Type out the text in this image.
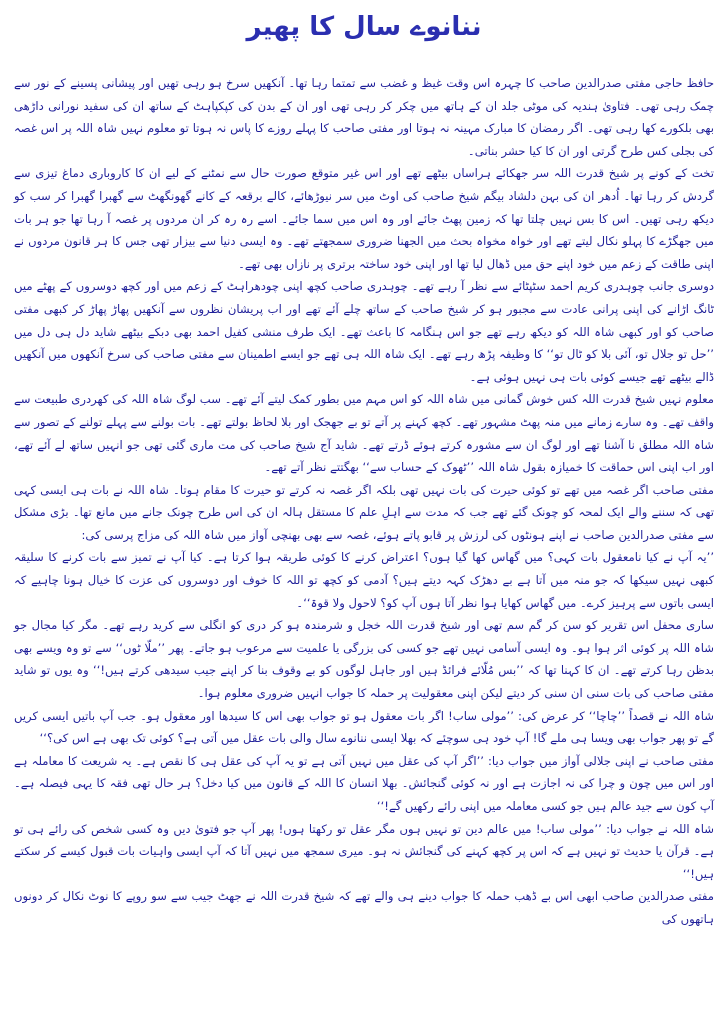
ننانوے سال کا پھیر

حافظ حاجی مفتی صدرالدین صاحب کا چہرہ اس وقت غیظ و غضب سے تمتما رہا تھا۔ آنکھیں سرخ ہو رہی تھیں اور پیشانی پسینے کے نور سے چمک رہی تھی۔ فتاویٰ ہندیہ کی موٹی جلد ان کے ہاتھ میں چکر کر رہی تھی اور ان کے بدن کی کپکپاہٹ کے ساتھ ان کی سفید نورانی داڑھی بھی بلکورے کھا رہی تھی۔ اگر رمضان کا مبارک مہینہ نہ ہوتا اور مفتی صاحب کا پہلے روزے کا پاس نہ ہوتا تو معلوم نہیں شاہ اللہ پر اس غصہ کی بجلی کس طرح گرتی اور ان کا کیا حشر بناتی۔

تخت کے کونے پر شیخ قدرت اللہ سر جھکائے ہراساں بیٹھے تھے اور اس غیر متوقع صورت حال سے نمٹنے کے لیے ان کا کاروباری دماغ تیزی سے گردش کر رہا تھا۔ اُدھر ان کی بہن دلشاد بیگم شیخ صاحب کی اوٹ میں سر نیوڑھائے، کالے برقعہ کے کانے گھونگھٹ سے گھبرا گھبرا کر سب کو دیکھ رہی تھیں۔ اس کا بس نہیں چلتا تھا کہ زمین پھٹ جائے اور وہ اس میں سما جائے۔ اسے رہ رہ کر ان مردوں پر غصہ آ رہا تھا جو ہر بات میں جھگڑے کا پہلو نکال لیتے تھے اور خواہ مخواہ بحث میں الجھنا ضروری سمجھتے تھے۔ وہ ایسی دنیا سے بیزار تھی جس کا ہر قانون مردوں نے اپنی طاقت کے زعم میں خود اپنے حق میں ڈھال لیا تھا اور اپنی خود ساختہ برتری پر نازاں بھی تھے۔

دوسری جانب چوہدری کریم احمد سٹپٹائے سے نظر آ رہے تھے۔ چوہدری صاحب کچھ اپنی چودھراہٹ کے زعم میں اور کچھ دوسروں کے پھٹے میں ٹانگ اڑانے کی اپنی پرانی عادت سے مجبور ہو کر شیخ صاحب کے ساتھ چلے آئے تھے اور اب پریشان نظروں سے آنکھیں پھاڑ پھاڑ کر کبھی مفتی صاحب کو اور کبھی شاہ اللہ کو دیکھ رہے تھے جو اس ہنگامہ کا باعث تھے۔ ایک طرف منشی کفیل احمد بھی دبکے بیٹھے شاید دل ہی دل میں ’’حل تو جلال تو، آئی بلا کو ٹال تو‘‘ کا وظیفہ پڑھ رہے تھے۔ ایک شاہ اللہ ہی تھے جو ایسے اطمینان سے مفتی صاحب کی سرخ آنکھوں میں آنکھیں ڈالے بیٹھے تھے جیسے کوئی بات ہی نہیں ہوئی ہے۔

معلوم نہیں شیخ قدرت اللہ کس خوش گمانی میں شاہ اللہ کو اس مہم میں بطور کمک لیتے آئے تھے۔ سب لوگ شاہ اللہ کی کھردری طبیعت سے واقف تھے۔ وہ سارے زمانے میں منہ پھٹ مشہور تھے۔ کچھ کہنے پر آتے تو بے جھجک اور بلا لحاظ بولتے تھے۔ بات بولنے سے پہلے تولنے کے تصور سے شاہ اللہ مطلق نا آشنا تھے اور لوگ ان سے مشورہ کرتے ہوئے ڈرتے تھے۔ شاید آج شیخ صاحب کی مت ماری گئی تھی جو انہیں ساتھ لے آئے تھے، اور اب اپنی اس حماقت کا خمیازہ بقول شاہ اللہ ’’ٹھوک کے حساب سے‘‘ بھگتتے نظر آتے تھے۔

مفتی صاحب اگر غصہ میں تھے تو کوئی حیرت کی بات نہیں تھی بلکہ اگر غصہ نہ کرتے تو حیرت کا مقام ہوتا۔ شاہ اللہ نے بات ہی ایسی کہی تھی کہ سننے والے ایک لمحہ کو چونک گئے تھے جب کہ مدت سے اہلِ علم کا مستقل ہالہ ان کی اس طرح چونک جانے میں مانع تھا۔ بڑی مشکل سے مفتی صدرالدین صاحب نے اپنے ہونٹوں کی لرزش پر قابو پاتے ہوئے، غصہ سے بھی بھنچی آواز میں شاہ اللہ کی مزاج پرسی کی:

’’یہ آپ نے کیا نامعقول بات کہی؟ میں گھاس کھا گیا ہوں؟ اعتراض کرنے کا کوئی طریقہ ہوا کرتا ہے۔ کیا آپ نے تمیز سے بات کرنے کا سلیقہ کبھی نہیں سیکھا کہ جو منہ میں آتا ہے بے دھڑک کہہ دیتے ہیں؟ آدمی کو کچھ تو اللہ کا خوف اور دوسروں کی عزت کا خیال ہونا چاہیے کہ ایسی باتوں سے پرہیز کرے۔ میں گھاس کھایا ہوا نظر آتا ہوں آپ کو؟ لاحول ولا قوۃ‘‘۔

ساری محفل اس تقریر کو سن کر گم سم تھی اور شیخ قدرت اللہ خجل و شرمندہ ہو کر دری کو انگلی سے کرید رہے تھے۔ مگر کیا مجال جو شاہ اللہ پر کوئی اثر ہوا ہو۔ وہ ایسی آسامی نہیں تھے جو کسی کی بزرگی یا علمیت سے مرعوب ہو جاتے۔ پھر ’’ملّا ٹوں‘‘ سے تو وہ ویسے بھی بدظن رہا کرتے تھے۔ ان کا کہنا تھا کہ ’’بس مُلّائے فرائڈ ہیں اور جاہل لوگوں کو بے وقوف بنا کر اپنے جیب سیدھی کرتے ہیں!‘‘ وہ یوں تو شاید مفتی صاحب کی بات سنی ان سنی کر دیتے لیکن اپنی معقولیت پر حملہ کا جواب انہیں ضروری معلوم ہوا۔

شاہ اللہ نے قصداً ’’چاچا‘‘ کر عرض کی: ’’مولی ساب! اگر بات معقول ہو تو جواب بھی اس کا سیدھا اور معقول ہو۔ جب آپ باتیں ایسی کریں گے تو پھر جواب بھی ویسا ہی ملے گا! آپ خود ہی سوچئے کہ بھلا ایسی ننانوے سال والی بات عقل میں آتی ہے؟ کوئی تک بھی ہے اس کی؟‘‘

مفتی صاحب نے اپنی جلالی آواز میں جواب دیا: ’’اگر آپ کی عقل میں نہیں آتی ہے تو یہ آپ کی عقل ہی کا نقص ہے۔ یہ شریعت کا معاملہ ہے اور اس میں چون و چرا کی نہ اجازت ہے اور نہ کوئی گنجائش۔ بھلا انسان کا اللہ کے قانون میں کیا دخل؟ ہر حال تھی فقہ کا یہی فیصلہ ہے۔ آپ کون سے جید عالم ہیں جو کسی معاملہ میں اپنی رائے رکھیں گے!‘‘

شاہ اللہ نے جواب دیا: ’’مولی ساب! میں عالم دین تو نہیں ہوں مگر عقل تو رکھتا ہوں! پھر آپ جو فتویٰ دیں وہ کسی شخص کی رائے ہی تو ہے۔ قرآن یا حدیث تو نہیں ہے کہ اس پر کچھ کہنے کی گنجائش نہ ہو۔ میری سمجھ میں نہیں آتا کہ آپ ایسی واہیات بات قبول کیسے کر سکتے ہیں!‘‘

مفتی صدرالدین صاحب ابھی اس بے ڈھب حملہ کا جواب دینے ہی والے تھے کہ شیخ قدرت اللہ نے جھٹ جیب سے سو روپے کا نوٹ نکال کر دونوں ہاتھوں کی
